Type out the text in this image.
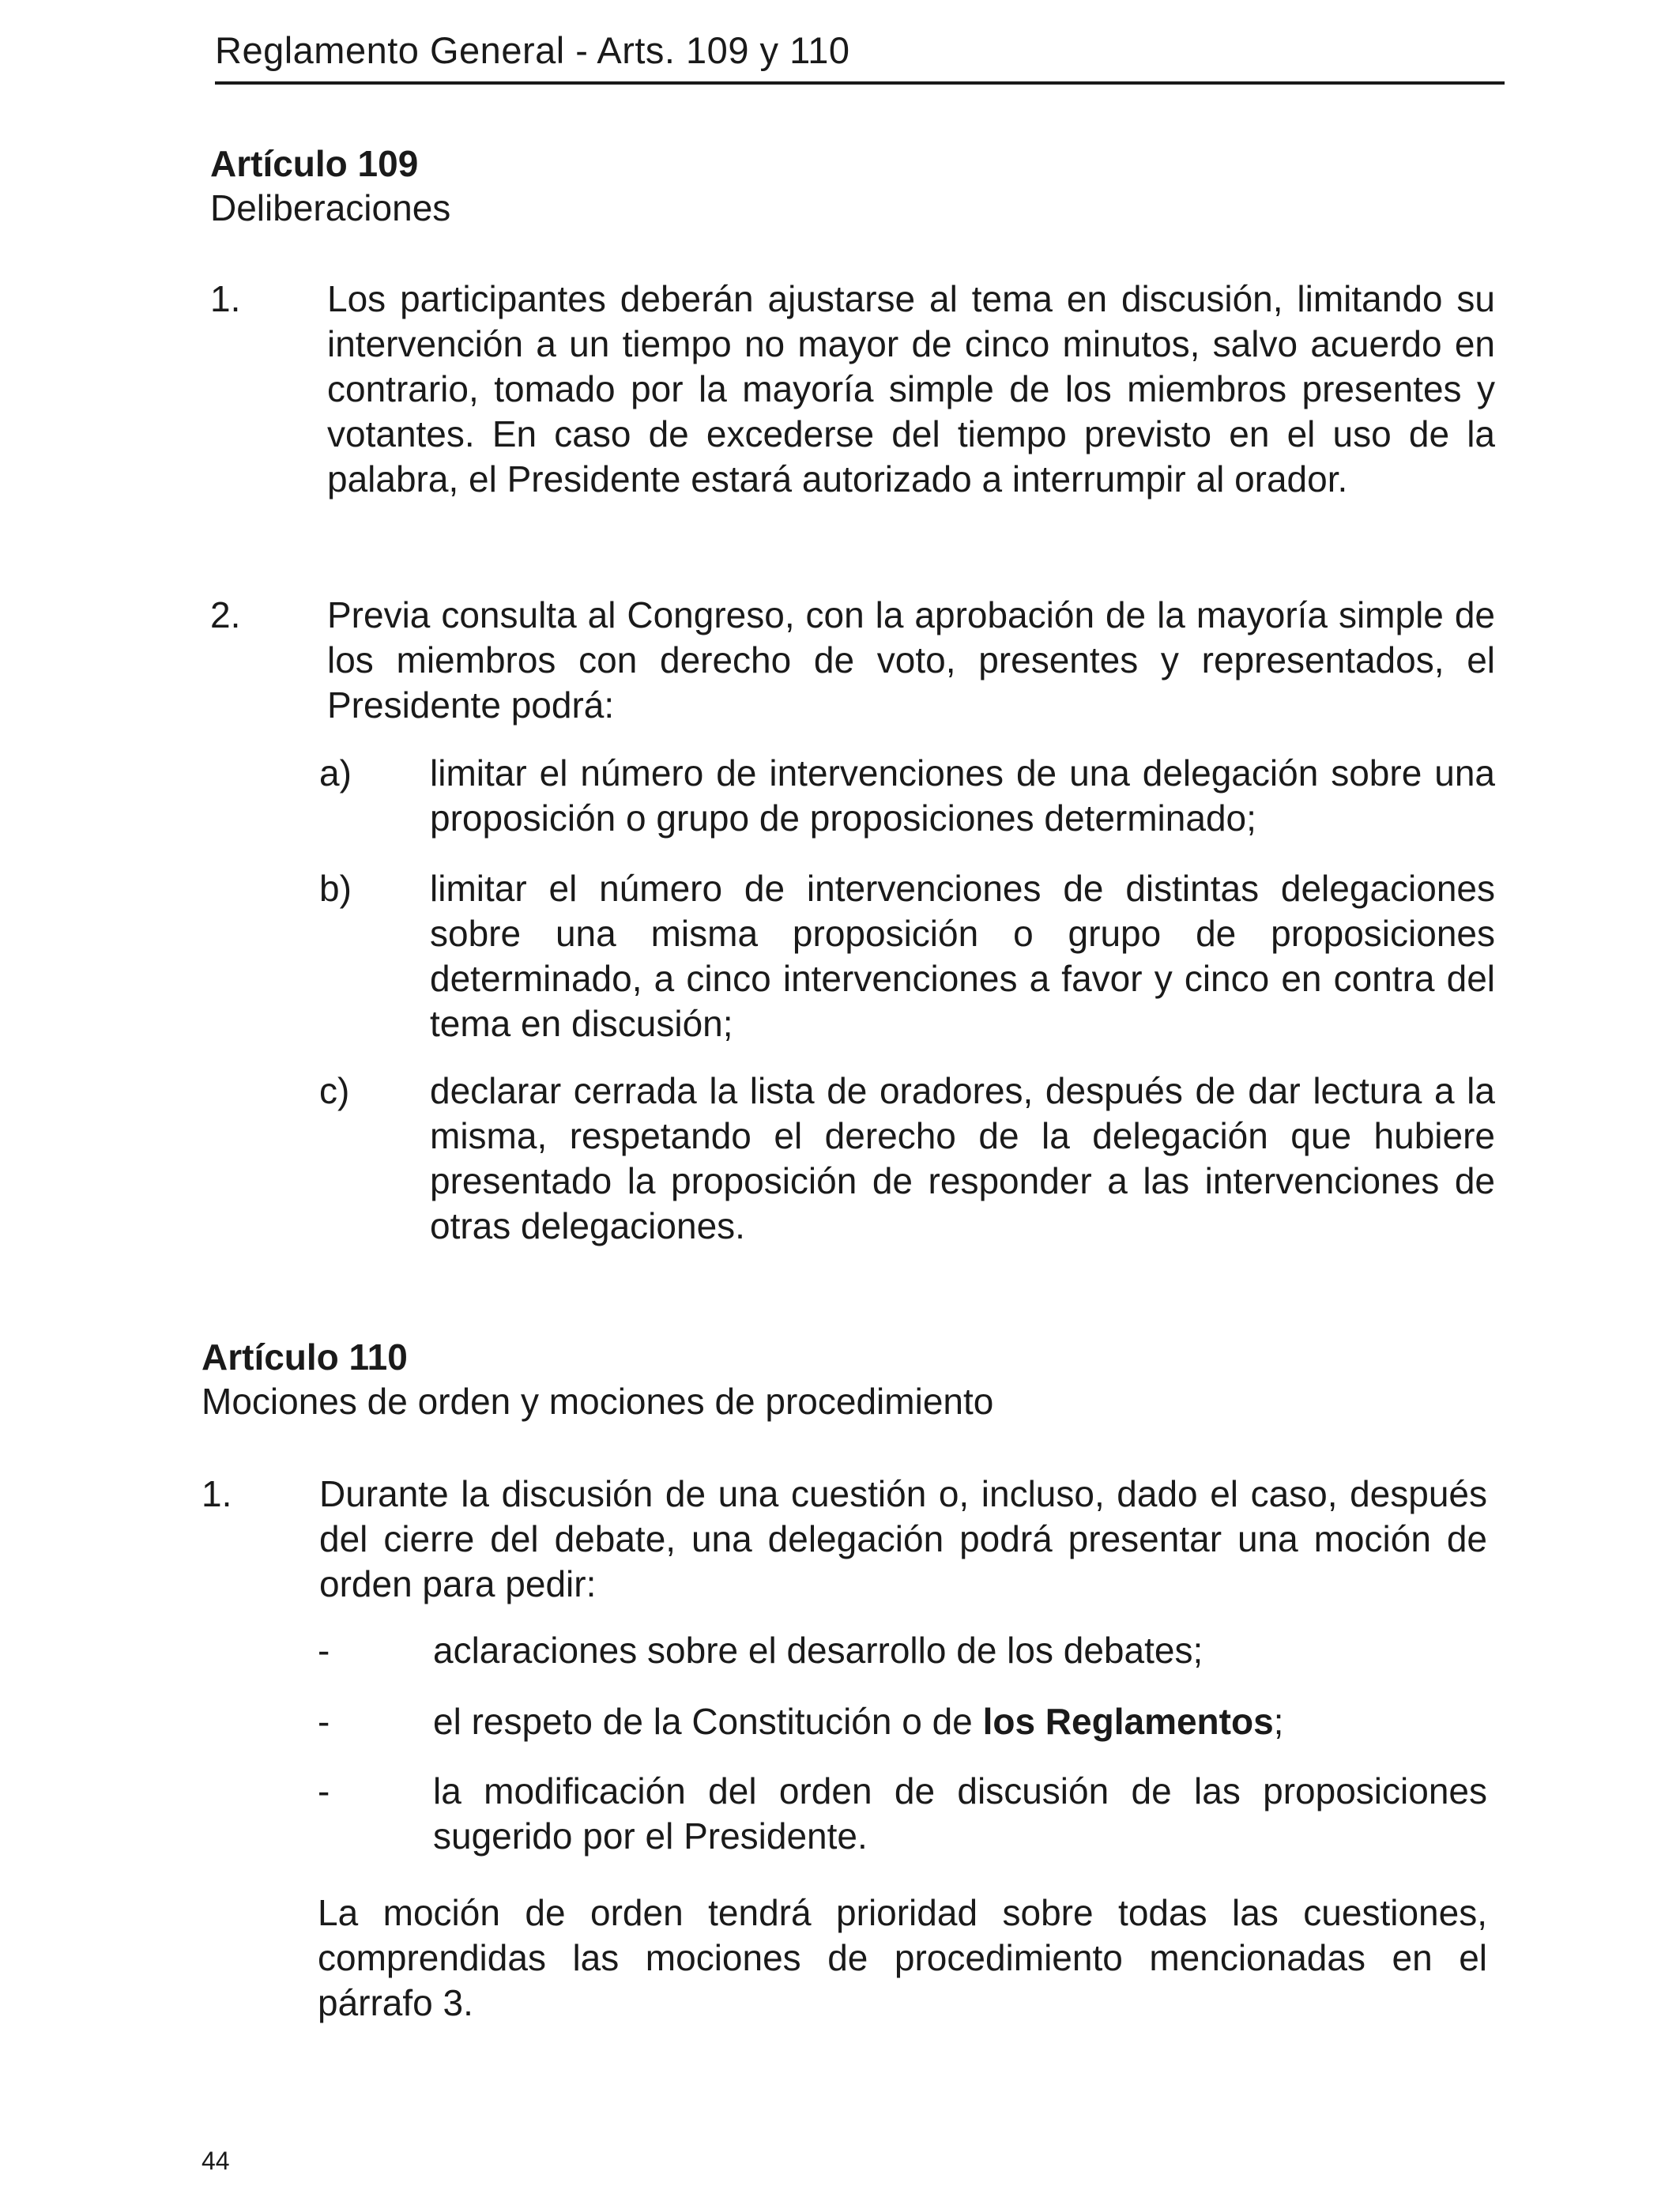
Reglamento General - Arts. 109 y 110
Artículo 109
Deliberaciones
1. Los participantes deberán ajustarse al tema en discusión, limitando su intervención a un tiempo no mayor de cinco minutos, salvo acuerdo en contrario, tomado por la mayoría simple de los miembros presentes y votantes. En caso de excederse del tiempo previsto en el uso de la palabra, el Presidente estará autorizado a interrumpir al orador.
2. Previa consulta al Congreso, con la aprobación de la mayoría simple de los miembros con derecho de voto, presentes y representados, el Presidente podrá:
a) limitar el número de intervenciones de una delegación sobre una proposición o grupo de proposiciones determinado;
b) limitar el número de intervenciones de distintas delegaciones sobre una misma proposición o grupo de proposiciones determinado, a cinco intervenciones a favor y cinco en contra del tema en discusión;
c) declarar cerrada la lista de oradores, después de dar lectura a la misma, respetando el derecho de la delegación que hubiere presentado la proposición de responder a las intervenciones de otras delegaciones.
Artículo 110
Mociones de orden y mociones de procedimiento
1. Durante la discusión de una cuestión o, incluso, dado el caso, después del cierre del debate, una delegación podrá presentar una moción de orden para pedir:
-	aclaraciones sobre el desarrollo de los debates;
-	el respeto de la Constitución o de los Reglamentos;
-	la modificación del orden de discusión de las proposiciones sugerido por el Presidente.
La moción de orden tendrá prioridad sobre todas las cuestiones, comprendidas las mociones de procedimiento mencionadas en el párrafo 3.
44
